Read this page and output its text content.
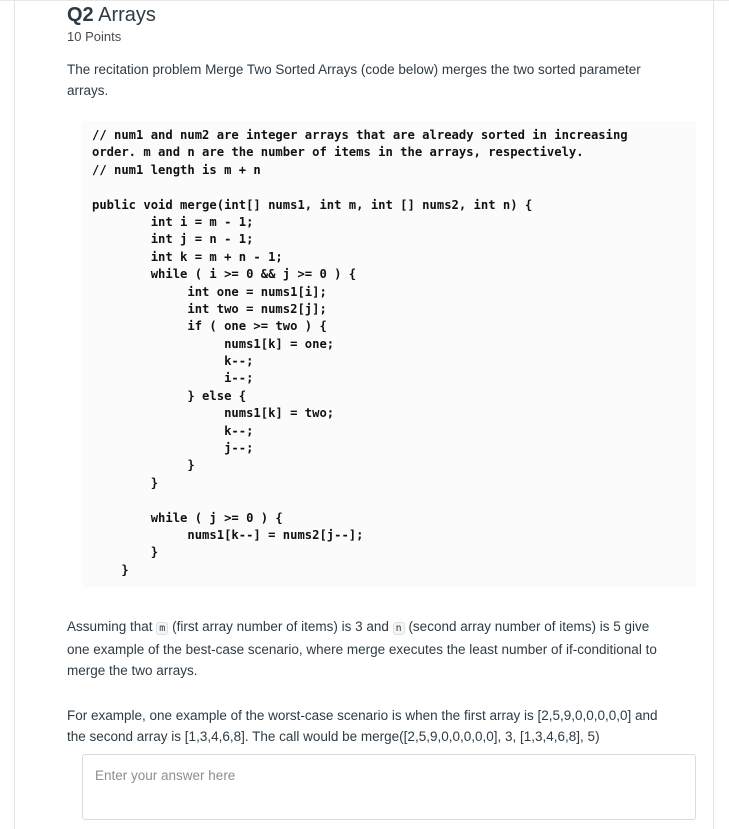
Q2 Arrays
10 Points
The recitation problem Merge Two Sorted Arrays (code below) merges the two sorted parameter arrays.
// num1 and num2 are integer arrays that are already sorted in increasing
order. m and n are the number of items in the arrays, respectively.
// num1 length is m + n

public void merge(int[] nums1, int m, int [] nums2, int n) {
int i = m - 1;
int j = n - 1;
int k = m + n - 1;
while ( i >= 0 && j >= 0 ) {
int one = nums1[i];
int two = nums2[j];
if ( one >= two ) {
nums1[k] = one;
k--;
i--;
} else {
nums1[k] = two;
k--;
j--;
}
}

while ( j >= 0 ) {
nums1[k--] = nums2[j--];
}
}
Assuming that m (first array number of items) is 3 and n (second array number of items) is 5 give one example of the best-case scenario, where merge executes the least number of if-conditional to merge the two arrays.
For example, one example of the worst-case scenario is when the first array is [2,5,9,0,0,0,0,0] and the second array is [1,3,4,6,8]. The call would be merge([2,5,9,0,0,0,0,0], 3, [1,3,4,6,8], 5)
Enter your answer here
